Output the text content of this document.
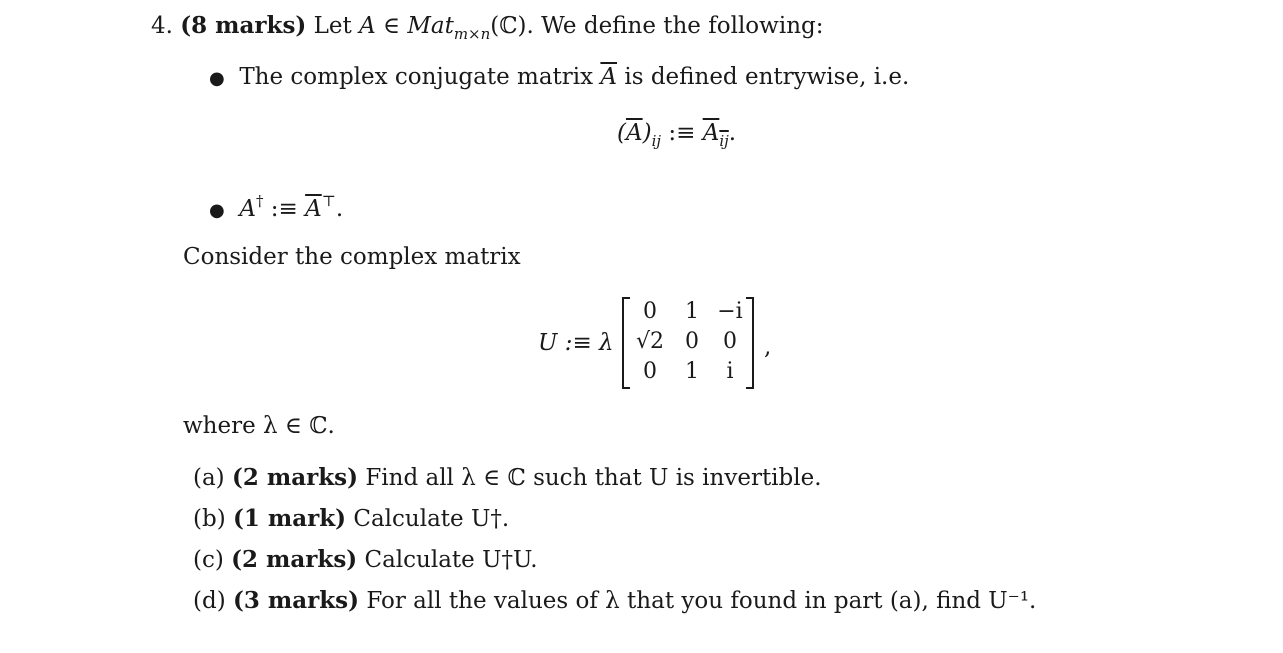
4. (8 marks) Let A ∈ Mat$_{m\times n}$(ℂ). We define the following:
● The complex conjugate matrix $\overline{A}$ is defined entrywise, i.e.
$(\overline{A})_{ij}$ :≡ $A_{ij}$.
● A† :≡ $\overline{A}^⊤$.
Consider the complex matrix
U :≡ λ
0	1 −i
√2 0	0
0	1	i
,
where λ ∈ ℂ.
(a) (2 marks) Find all λ ∈ ℂ such that U is invertible.
(b) (1 mark) Calculate U†.
(c) (2 marks) Calculate U†U.
(d) (3 marks) For all the values of λ that you found in part (a), find U⁻¹.
